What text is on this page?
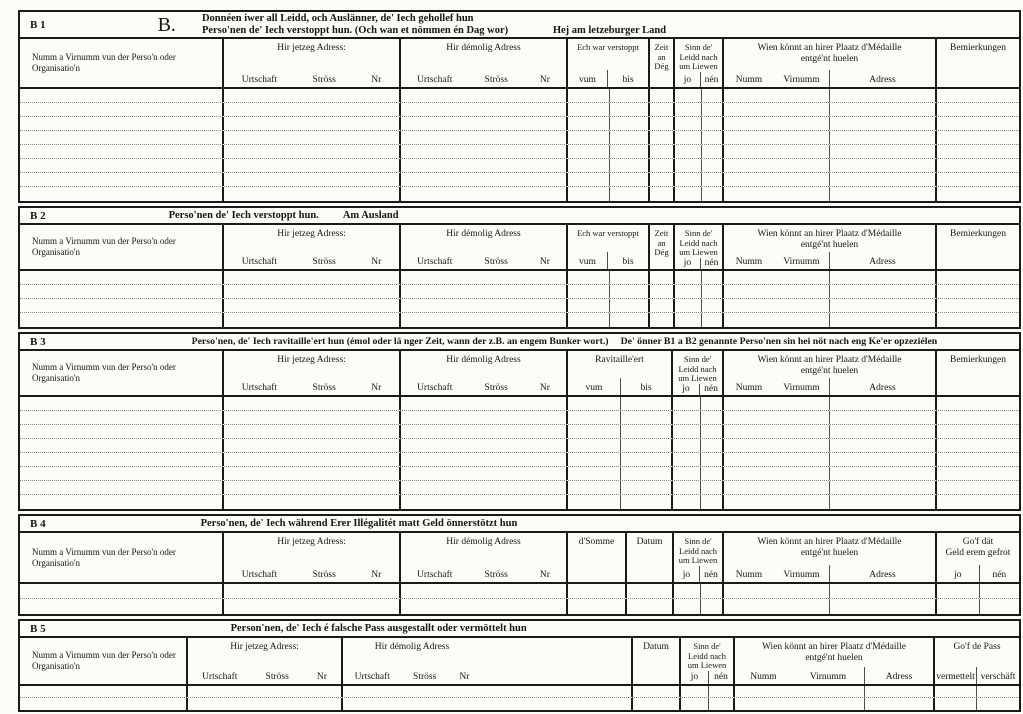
B 1	B. Donnéen iwer all Leidd, och Auslänner, de' Iech gehollef hun
Perso'nen de' Iech verstoppt hun. (Och wan et nömmen én Dag wor)	Hej am letzeburger Land
Numm a Virnumm vun der Perso'n oder Organisatio'n
Hir jetzeg Adress:
Urtschaft	Ströss	Nr
Hir démolig Adress
Urtschaft	Ströss	Nr
Ech war verstoppt
vum	bis
Zeit
an
Dég
Sinn de'
Leidd nach
um Liewen
jo	nén
Wien könnt an hirer Plaatz d'Médaille
entgé'nt huelen
Numm	Virnumm	Adress
Bemierkungen
B 2	Perso'nen de' Iech verstoppt hun. Am Ausland
Numm a Virnumm vun der Perso'n oder Organisatio'n
Hir jetzeg Adress:
Urtschaft	Ströss	Nr
Hir démolig Adress
Urtschaft	Ströss	Nr
Ech war verstoppt
vum	bis
Zeit
an
Dég
Sinn de'
Leidd nach
um Liewen
jo	nén
Wien könnt an hirer Plaatz d'Médaille
entgé'nt huelen
Numm	Virnumm	Adress
Bemierkungen
B 3	Perso'nen, de' Iech ravitaille'ert hun (émol oder lä nger Zeit, wann der z.B. an engem Bunker wort.) De' önner B1 a B2 genannte Perso'nen sin hei nöt nach eng Ke'er opzeziélen
Numm a Virnumm vun der Perso'n oder Organisatio'n
Hir jetzeg Adress:
Urtschaft	Ströss	Nr
Hir démolig Adress
Urtschaft	Ströss	Nr
Ravitaille'ert
vum	bis
Sinn de'
Leidd nach
um Liewen
jo	nén
Wien könnt an hirer Plaatz d'Médaille
entgé'nt huelen
Numm	Virnumm	Adress
Bemierkungen
B 4	Perso'nen, de' Iech während Erer Illégalitét matt Geld önnerstötzt hun
Numm a Virnumm vun der Perso'n oder Organisatio'n
Hir jetzeg Adress:
Urtschaft	Ströss	Nr
Hir démolig Adress
Urtschaft	Ströss	Nr
d'Somme	Datum	Sinn de'
Leidd nach
um Liewen
jo	nén
Wien könnt an hirer Plaatz d'Médaille
entgé'nt huelen
Numm	Virnumm	Adress
Go'f dät
Geld erem gefrot
jo	nén
B 5	Person'nen, de' Iech é falsche Pass ausgestallt oder vermöttelt hun
Numm a Virnumm vun der Perso'n oder Organisatio'n
Hir jetzeg Adress:
Urtschaft	Ströss	Nr
Hir démolig Adress
Urtschaft Ströss Nr
Datum	Sinn de'
Leidd nach
um Liewen
jo	nén
Wien könnt an hirer Plaatz d'Médaille
entgé'nt huelen
Numm	Virnumm	Adress
Go'f de Pass
vermettelt verschäft
